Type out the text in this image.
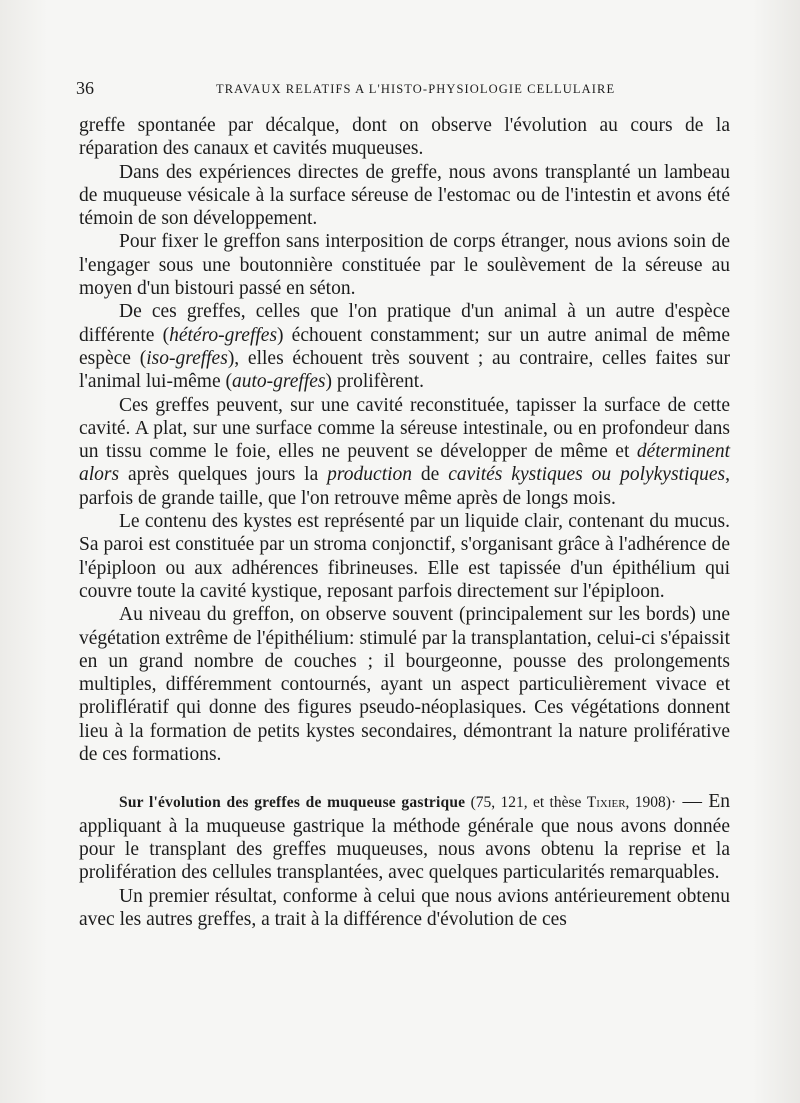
36	TRAVAUX RELATIFS A L'HISTO-PHYSIOLOGIE CELLULAIRE

greffe spontanée par décalque, dont on observe l'évolution au cours de la réparation des canaux et cavités muqueuses.

Dans des expériences directes de greffe, nous avons transplanté un lambeau de muqueuse vésicale à la surface séreuse de l'estomac ou de l'intestin et avons été témoin de son développement.

Pour fixer le greffon sans interposition de corps étranger, nous avions soin de l'engager sous une boutonnière constituée par le soulèvement de la séreuse au moyen d'un bistouri passé en séton.

De ces greffes, celles que l'on pratique d'un animal à un autre d'espèce différente (hétéro-greffes) échouent constamment; sur un autre animal de même espèce (iso-greffes), elles échouent très souvent ; au contraire, celles faites sur l'animal lui-même (auto-greffes) prolifèrent.

Ces greffes peuvent, sur une cavité reconstituée, tapisser la surface de cette cavité. A plat, sur une surface comme la séreuse intestinale, ou en profondeur dans un tissu comme le foie, elles ne peuvent se développer de même et déterminent alors après quelques jours la production de cavités kystiques ou polykystiques, parfois de grande taille, que l'on retrouve même après de longs mois.

Le contenu des kystes est représenté par un liquide clair, contenant du mucus. Sa paroi est constituée par un stroma conjonctif, s'organisant grâce à l'adhérence de l'épiploon ou aux adhérences fibrineuses. Elle est tapissée d'un épithélium qui couvre toute la cavité kystique, reposant parfois directement sur l'épiploon.

Au niveau du greffon, on observe souvent (principalement sur les bords) une végétation extrême de l'épithélium: stimulé par la transplantation, celui-ci s'épaissit en un grand nombre de couches ; il bourgeonne, pousse des prolongements multiples, différemment contournés, ayant un aspect particulièrement vivace et proliflératif qui donne des figures pseudo-néoplasiques. Ces végétations donnent lieu à la formation de petits kystes secondaires, démontrant la nature proliférative de ces formations.

Sur l'évolution des greffes de muqueuse gastrique (75, 121, et thèse Tixier, 1908)· — En appliquant à la muqueuse gastrique la méthode générale que nous avons donnée pour le transplant des greffes muqueuses, nous avons obtenu la reprise et la prolifération des cellules transplantées, avec quelques particularités remarquables.

Un premier résultat, conforme à celui que nous avions antérieurement obtenu avec les autres greffes, a trait à la différence d'évolution de ces
